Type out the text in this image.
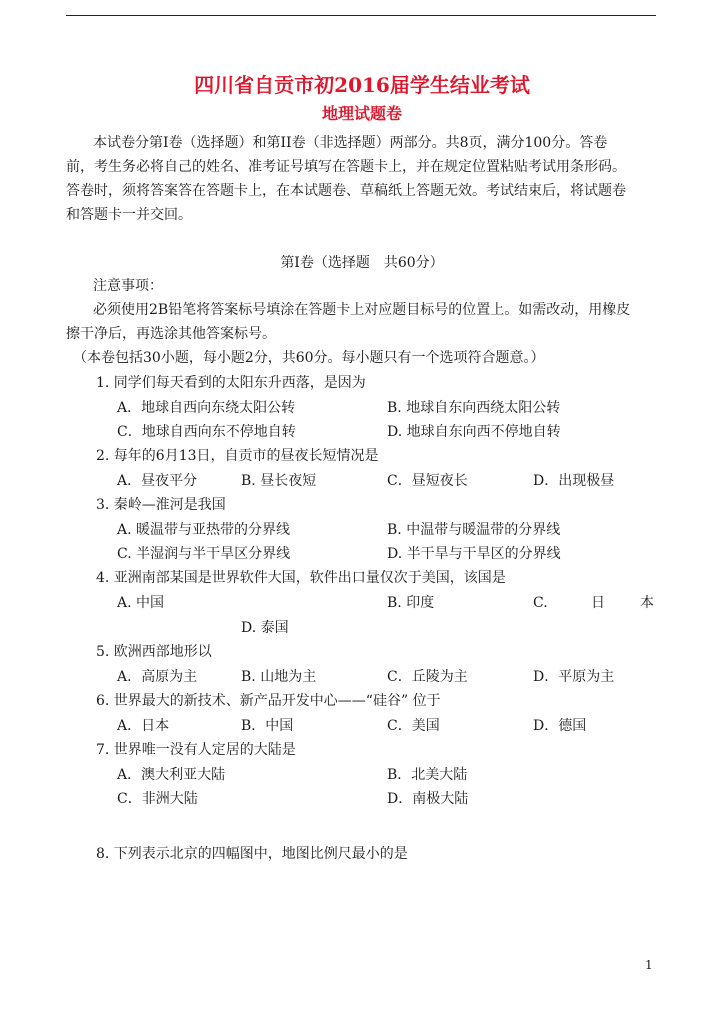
四川省自贡市初2016届学生结业考试
地理试题卷
本试卷分第Ⅰ卷（选择题）和第II卷（非选择题）两部分。共8页，满分100分。答卷
前，考生务必将自己的姓名、准考证号填写在答题卡上，并在规定位置粘贴考试用条形码。
答卷时，须将答案答在答题卡上，在本试题卷、草稿纸上答题无效。考试结束后，将试题卷
和答题卡一并交回。
第Ⅰ卷（选择题　共60分）
注意事项：
必须使用2B铅笔将答案标号填涂在答题卡上对应题目标号的位置上。如需改动，用橡皮
擦干净后，再选涂其他答案标号。
（本卷包括30小题，每小题2分，共60分。每小题只有一个选项符合题意。）
1. 同学们每天看到的太阳东升西落，是因为
A．地球自西向东绕太阳公转	B. 地球自东向西绕太阳公转
C．地球自西向东不停地自转	D. 地球自东向西不停地自转
2. 每年的6月13日，自贡市的昼夜长短情况是
A．昼夜平分	B. 昼长夜短	C．昼短夜长	D．出现极昼
3. 秦岭—淮河是我国
A. 暖温带与亚热带的分界线	B. 中温带与暖温带的分界线
C. 半湿润与半干旱区分界线	D. 半干旱与干旱区的分界线
4. 亚洲南部某国是世界软件大国，软件出口量仅次于美国，该国是
A. 中国	B. 印度	C.	日	本
D. 泰国
5. 欧洲西部地形以
A．高原为主	B. 山地为主	C．丘陵为主	D．平原为主
6. 世界最大的新技术、新产品开发中心——“硅谷” 位于
A．日本	B．中国	C．美国	D．德国
7. 世界唯一没有人定居的大陆是
A．澳大利亚大陆	B．北美大陆
C．非洲大陆	D．南极大陆
8. 下列表示北京的四幅图中，地图比例尺最小的是
1
